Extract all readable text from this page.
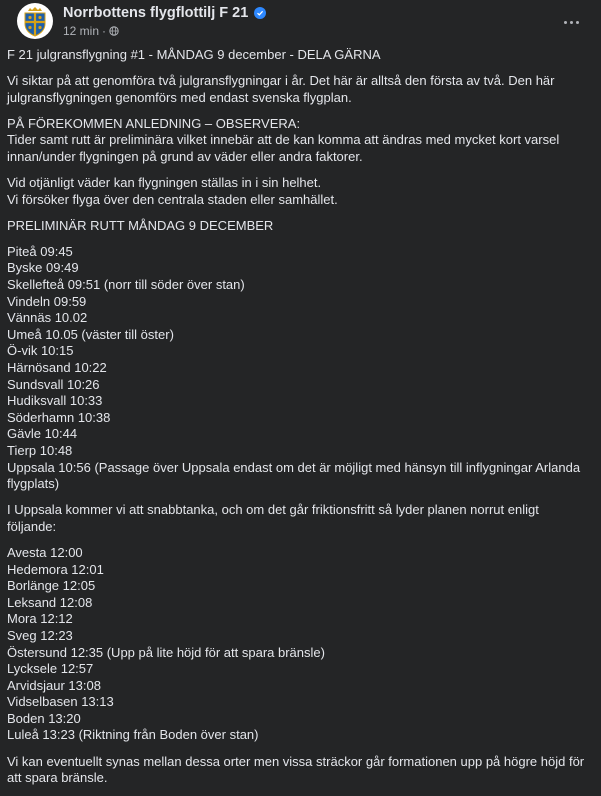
Norrbottens flygflottilj F 21
12 min ·

F 21 julgransflygning #1 - MÅNDAG 9 december - DELA GÄRNA

Vi siktar på att genomföra två julgransflygningar i år. Det här är alltså den första av två. Den här julgransflygningen genomförs med endast svenska flygplan.

PÅ FÖREKOMMEN ANLEDNING – OBSERVERA:
Tider samt rutt är preliminära vilket innebär att de kan komma att ändras med mycket kort varsel innan/under flygningen på grund av väder eller andra faktorer.

Vid otjänligt väder kan flygningen ställas in i sin helhet.
Vi försöker flyga över den centrala staden eller samhället.

PRELIMINÄR RUTT MÅNDAG 9 DECEMBER

Piteå 09:45
Byske 09:49
Skellefteå 09:51 (norr till söder över stan)
Vindeln 09:59
Vännäs 10.02
Umeå 10.05 (väster till öster)
Ö-vik 10:15
Härnösand 10:22
Sundsvall 10:26
Hudiksvall 10:33
Söderhamn 10:38
Gävle 10:44
Tierp 10:48
Uppsala 10:56 (Passage över Uppsala endast om det är möjligt med hänsyn till inflygningar Arlanda flygplats)

I Uppsala kommer vi att snabbtanka, och om det går friktionsfritt så lyder planen norrut enligt följande:

Avesta 12:00
Hedemora 12:01
Borlänge 12:05
Leksand 12:08
Mora 12:12
Sveg 12:23
Östersund 12:35 (Upp på lite höjd för att spara bränsle)
Lycksele 12:57
Arvidsjaur 13:08
Vidselbasen 13:13
Boden 13:20
Luleå 13:23 (Riktning från Boden över stan)

Vi kan eventuellt synas mellan dessa orter men vissa sträckor går formationen upp på högre höjd för att spara bränsle.
